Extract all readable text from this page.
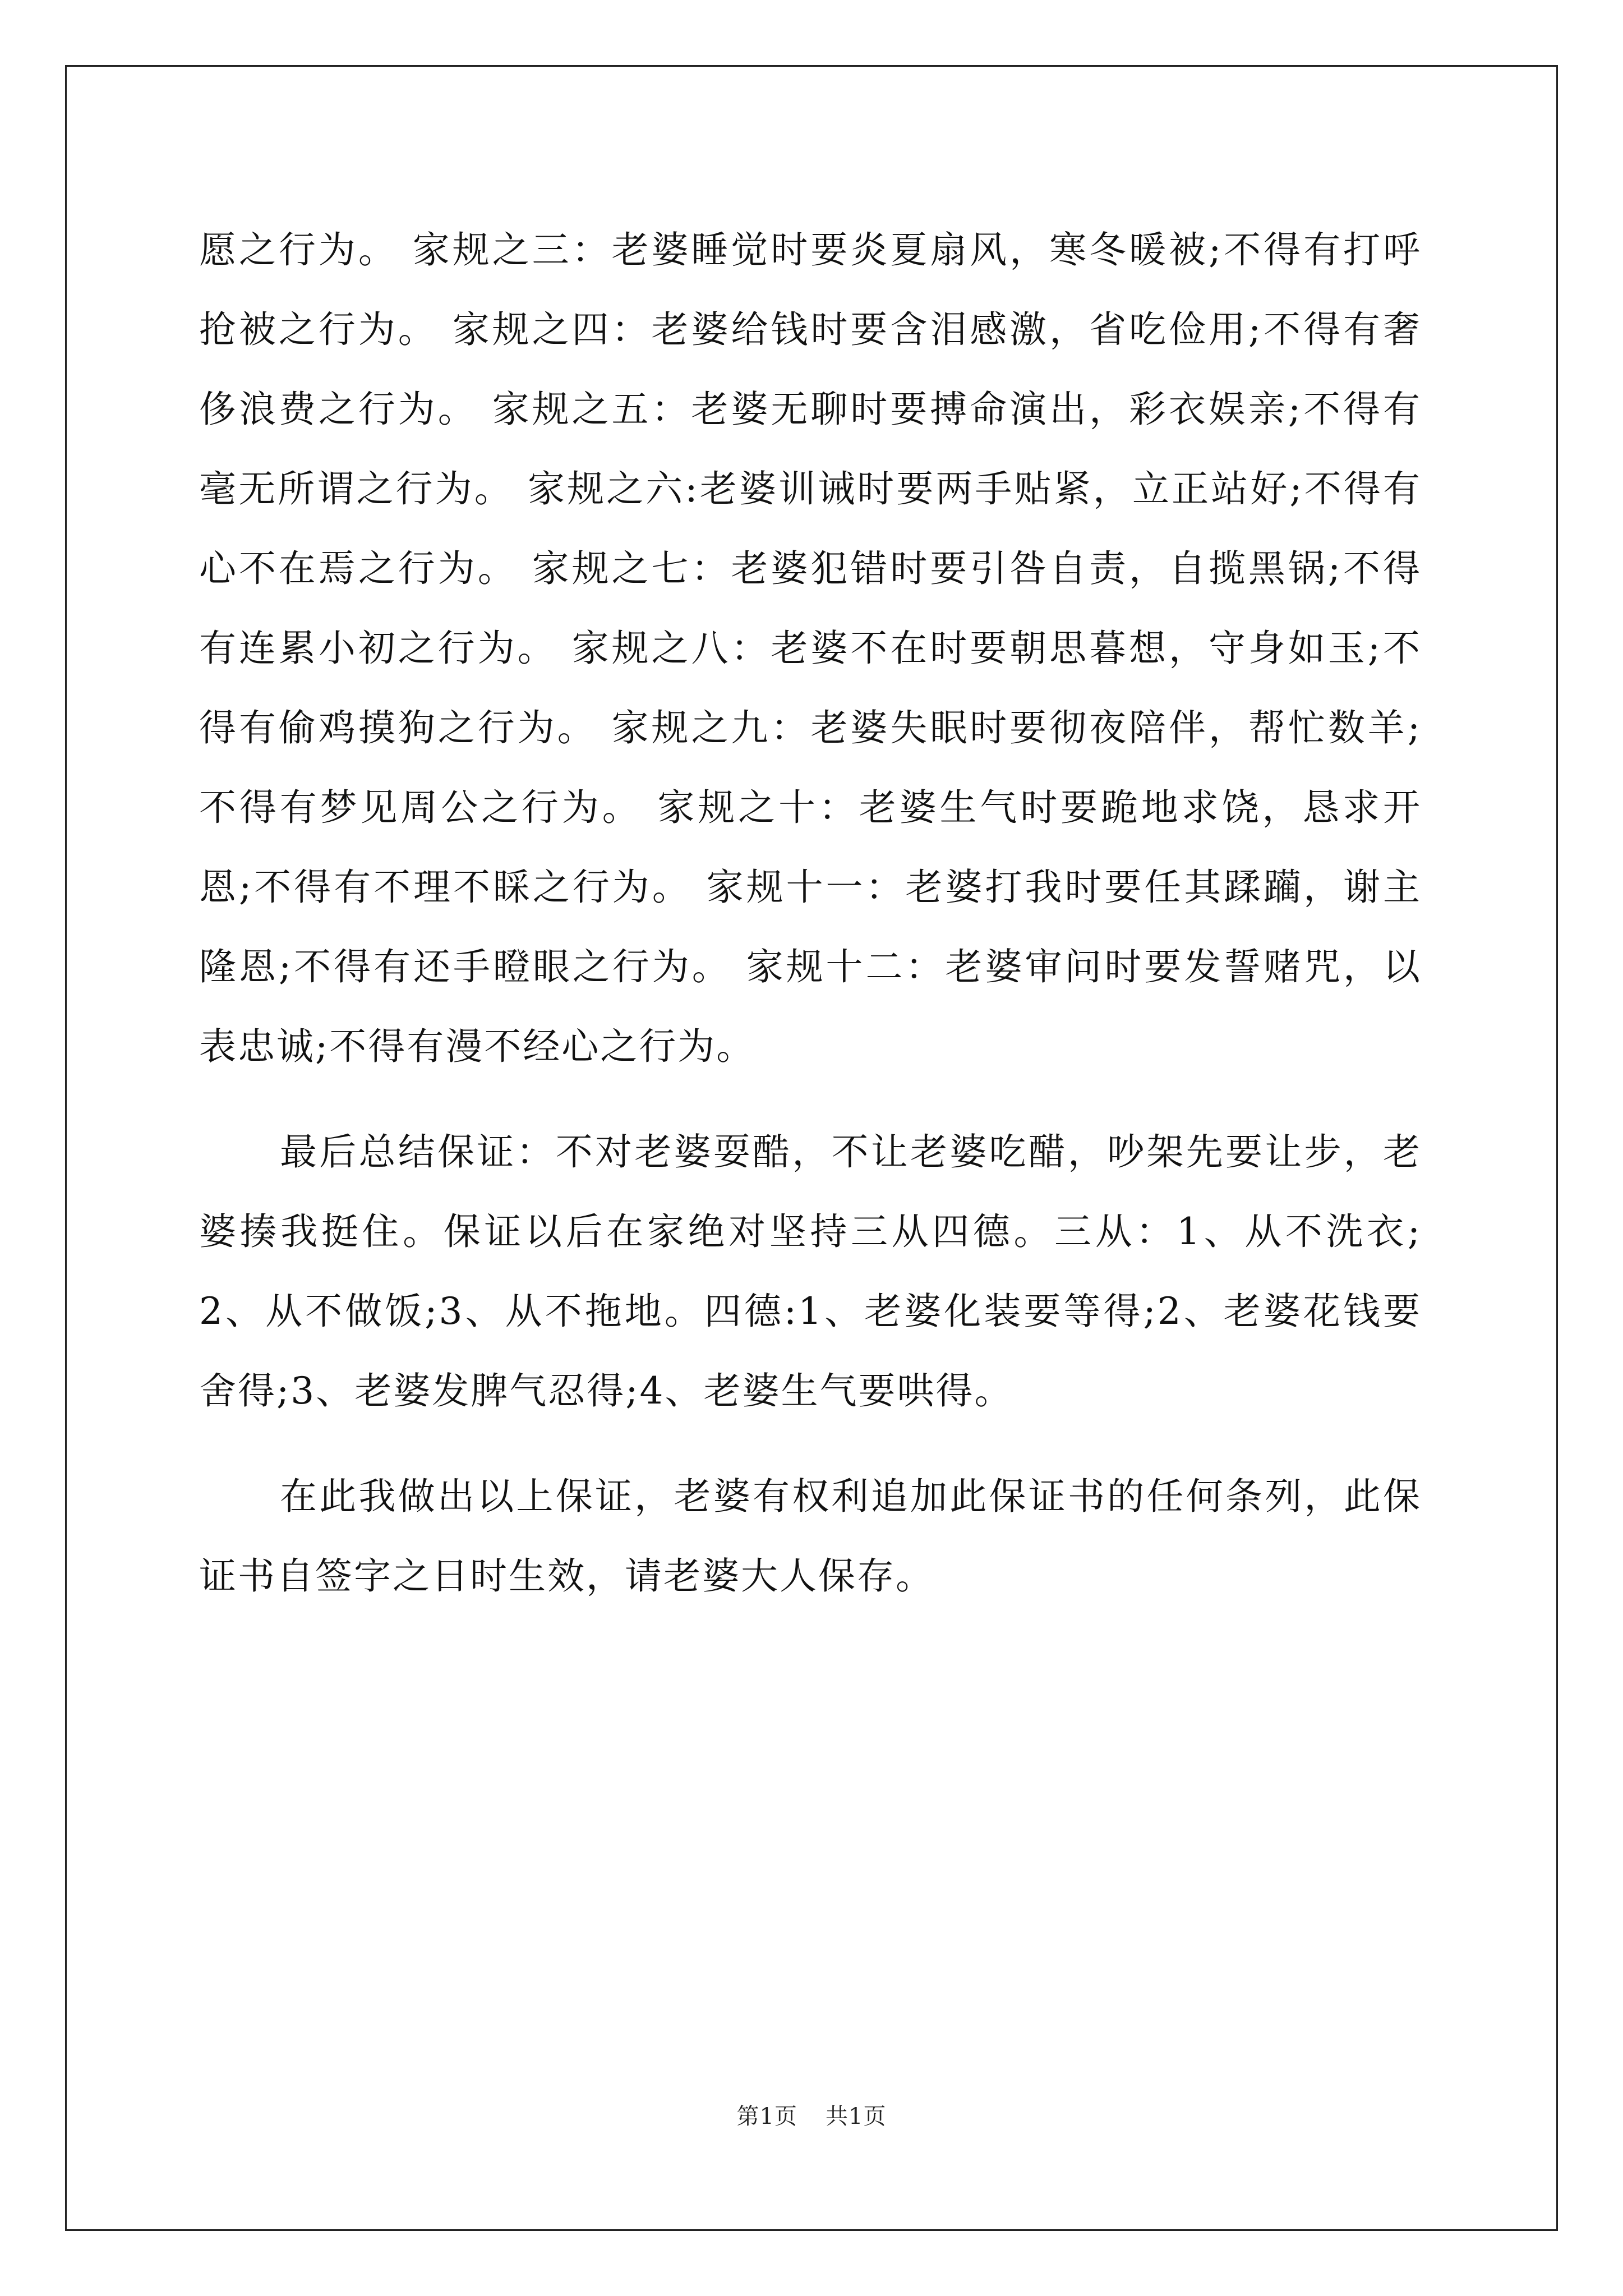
愿之行为。 家规之三：老婆睡觉时要炎夏扇风，寒冬暖被;不得有打呼抢被之行为。 家规之四：老婆给钱时要含泪感激，省吃俭用;不得有奢侈浪费之行为。 家规之五：老婆无聊时要搏命演出，彩衣娱亲;不得有毫无所谓之行为。 家规之六:老婆训诫时要两手贴紧，立正站好;不得有心不在焉之行为。 家规之七：老婆犯错时要引咎自责，自揽黑锅;不得有连累小初之行为。 家规之八：老婆不在时要朝思暮想，守身如玉;不得有偷鸡摸狗之行为。 家规之九：老婆失眠时要彻夜陪伴，帮忙数羊;不得有梦见周公之行为。 家规之十：老婆生气时要跪地求饶，恳求开恩;不得有不理不睬之行为。 家规十一：老婆打我时要任其蹂躏，谢主隆恩;不得有还手瞪眼之行为。 家规十二：老婆审问时要发誓赌咒，以表忠诚;不得有漫不经心之行为。

最后总结保证：不对老婆耍酷，不让老婆吃醋，吵架先要让步，老婆揍我挺住。保证以后在家绝对坚持三从四德。三从：1、从不洗衣;2、从不做饭;3、从不拖地。四德:1、老婆化装要等得;2、老婆花钱要舍得;3、老婆发脾气忍得;4、老婆生气要哄得。

在此我做出以上保证，老婆有权利追加此保证书的任何条列，此保证书自签字之日时生效，请老婆大人保存。

第1页 共1页
